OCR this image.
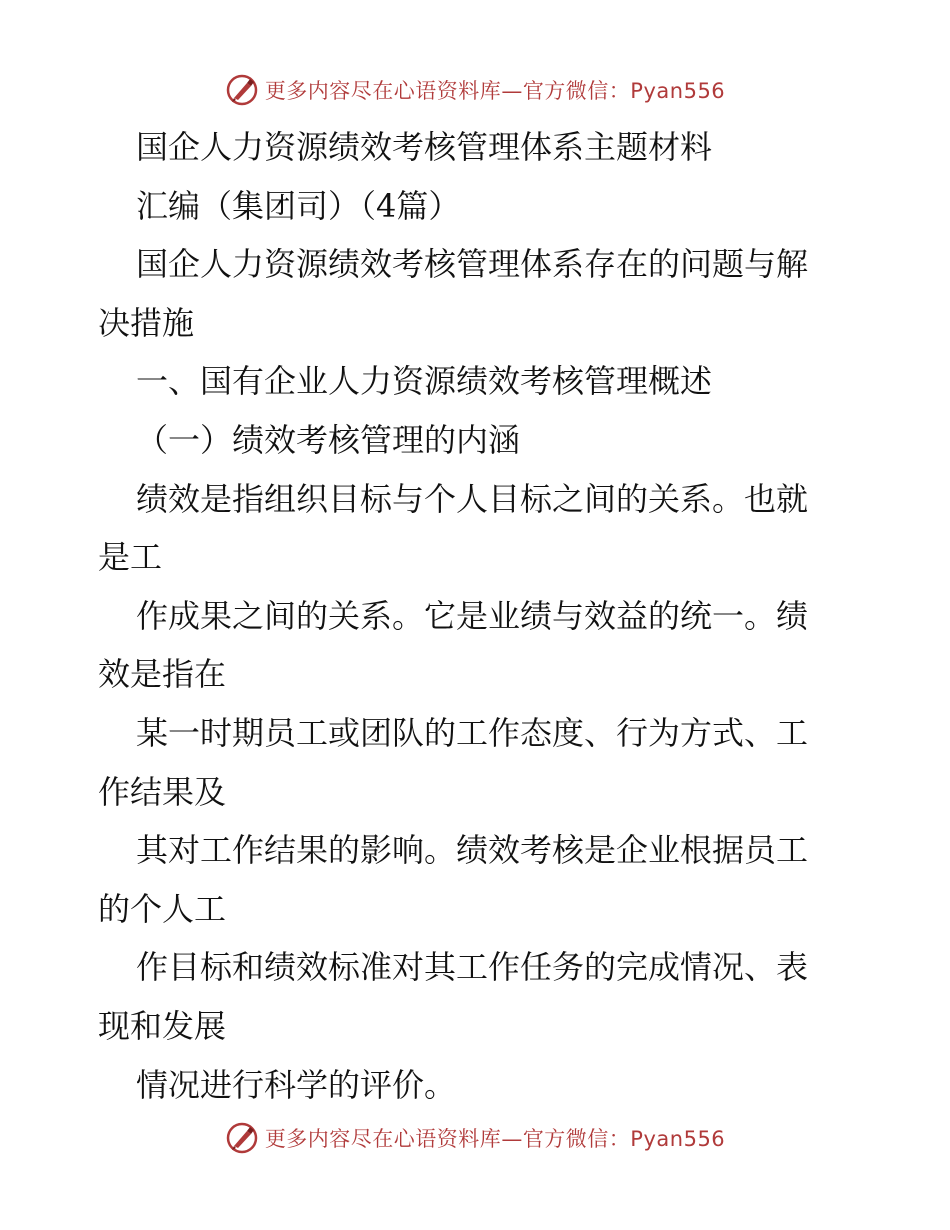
更多内容尽在心语资料库—官方微信：Pyan556
国企人力资源绩效考核管理体系主题材料
汇编（集团司）（4篇）
国企人力资源绩效考核管理体系存在的问题与解
决措施
一、国有企业人力资源绩效考核管理概述
（一）绩效考核管理的内涵
绩效是指组织目标与个人目标之间的关系。也就
是工
作成果之间的关系。它是业绩与效益的统一。绩
效是指在
某一时期员工或团队的工作态度、行为方式、工
作结果及
其对工作结果的影响。绩效考核是企业根据员工
的个人工
作目标和绩效标准对其工作任务的完成情况、表
现和发展
情况进行科学的评价。
更多内容尽在心语资料库—官方微信：Pyan556
